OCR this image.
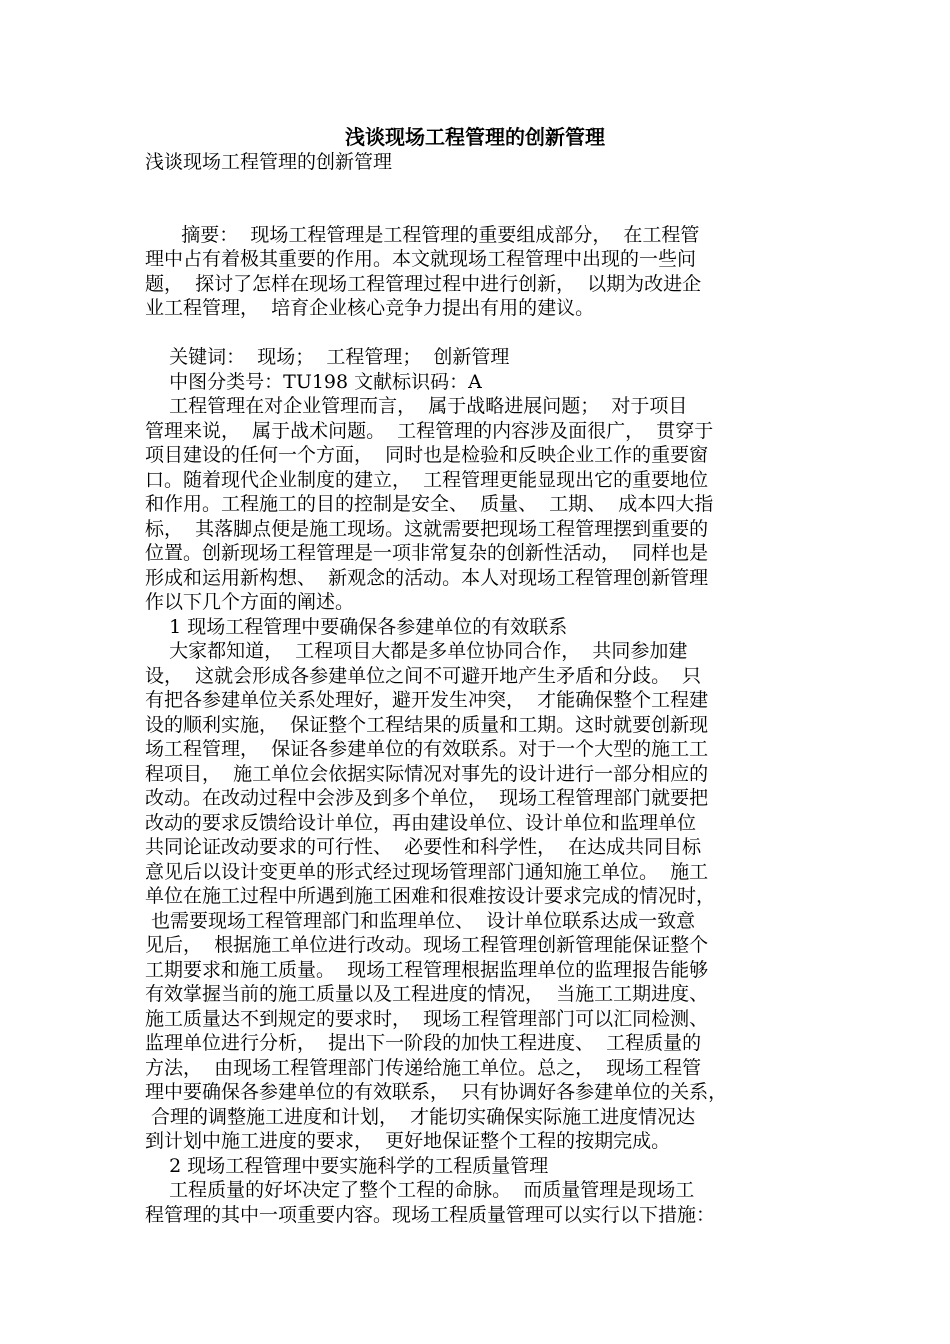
浅谈现场工程管理的创新管理
浅谈现场工程管理的创新管理
摘要：  现场工程管理是工程管理的重要组成部分，  在工程管
理中占有着极其重要的作用。本文就现场工程管理中出现的一些问
题，  探讨了怎样在现场工程管理过程中进行创新，  以期为改进企
业工程管理，  培育企业核心竞争力提出有用的建议。
关键词：  现场；  工程管理；  创新管理
中图分类号：TU198 文献标识码：A
工程管理在对企业管理而言，  属于战略进展问题；  对于项目
管理来说，  属于战术问题。  工程管理的内容涉及面很广，  贯穿于
项目建设的任何一个方面，  同时也是检验和反映企业工作的重要窗
口。随着现代企业制度的建立，  工程管理更能显现出它的重要地位
和作用。工程施工的目的控制是安全、  质量、  工期、  成本四大指
标，  其落脚点便是施工现场。这就需要把现场工程管理摆到重要的
位置。创新现场工程管理是一项非常复杂的创新性活动，  同样也是
形成和运用新构想、  新观念的活动。本人对现场工程管理创新管理
作以下几个方面的阐述。
1 现场工程管理中要确保各参建单位的有效联系
大家都知道，  工程项目大都是多单位协同合作，  共同参加建
设，  这就会形成各参建单位之间不可避开地产生矛盾和分歧。  只
有把各参建单位关系处理好，避开发生冲突，  才能确保整个工程建
设的顺利实施，  保证整个工程结果的质量和工期。这时就要创新现
场工程管理，  保证各参建单位的有效联系。对于一个大型的施工工
程项目，  施工单位会依据实际情况对事先的设计进行一部分相应的
改动。在改动过程中会涉及到多个单位，  现场工程管理部门就要把
改动的要求反馈给设计单位，再由建设单位、设计单位和监理单位
共同论证改动要求的可行性、  必要性和科学性，  在达成共同目标
意见后以设计变更单的形式经过现场管理部门通知施工单位。  施工
单位在施工过程中所遇到施工困难和很难按设计要求完成的情况时，
也需要现场工程管理部门和监理单位、  设计单位联系达成一致意
见后，  根据施工单位进行改动。现场工程管理创新管理能保证整个
工期要求和施工质量。  现场工程管理根据监理单位的监理报告能够
有效掌握当前的施工质量以及工程进度的情况，  当施工工期进度、
施工质量达不到规定的要求时，  现场工程管理部门可以汇同检测、
监理单位进行分析，  提出下一阶段的加快工程进度、  工程质量的
方法，  由现场工程管理部门传递给施工单位。总之，  现场工程管
理中要确保各参建单位的有效联系，  只有协调好各参建单位的关系，
合理的调整施工进度和计划，  才能切实确保实际施工进度情况达
到计划中施工进度的要求，  更好地保证整个工程的按期完成。
2 现场工程管理中要实施科学的工程质量管理
工程质量的好坏决定了整个工程的命脉。  而质量管理是现场工
程管理的其中一项重要内容。现场工程质量管理可以实行以下措施：
